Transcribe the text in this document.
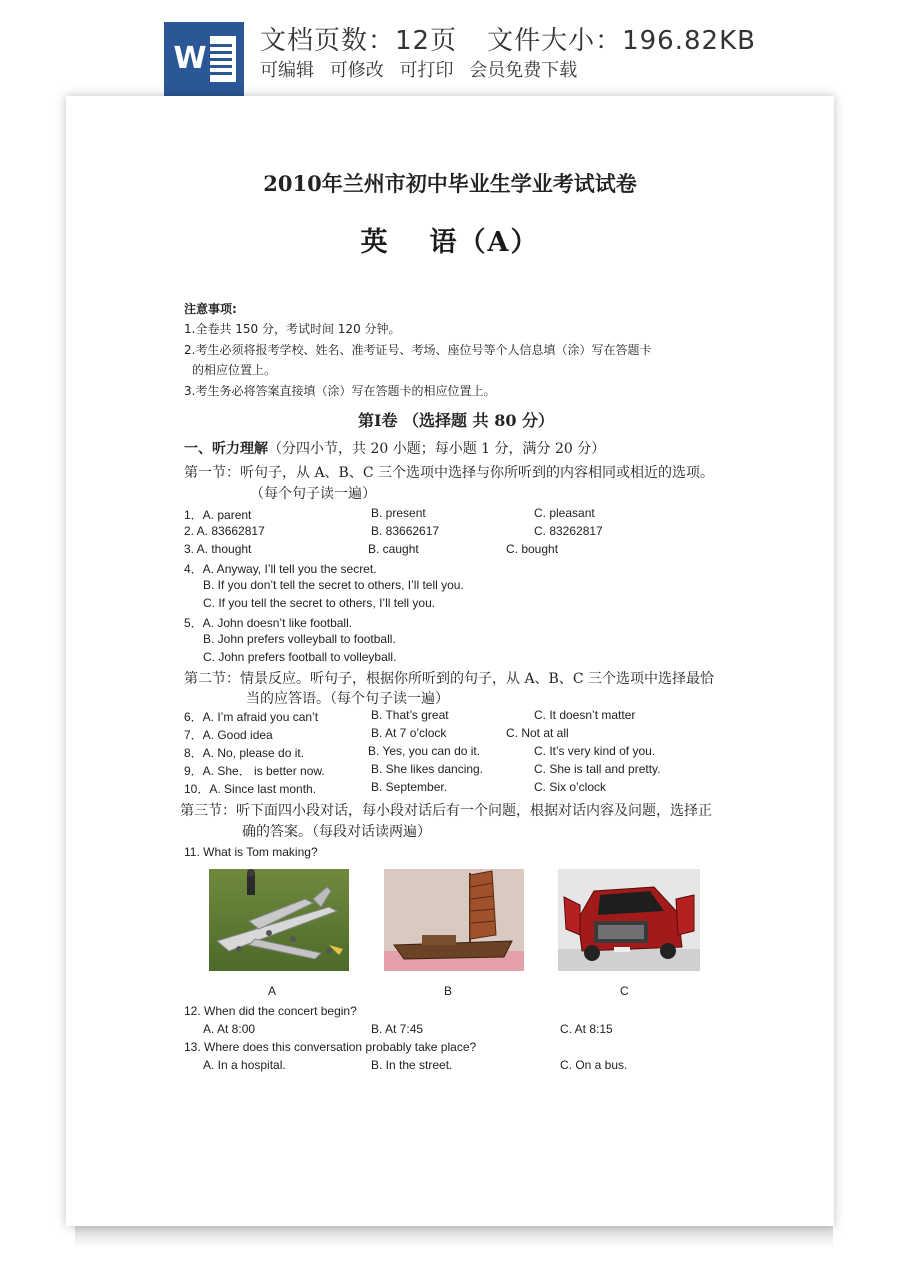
W 文档页数：12页 文件大小：196.82KB
可编辑 可修改 可打印 会员免费下载
2010年兰州市初中毕业生学业考试试卷
英 语（A）
注意事项:
1.全卷共 150 分，考试时间 120 分钟。
2.考生必须将报考学校、姓名、准考证号、考场、座位号等个人信息填（涂）写在答题卡
的相应位置上。
3.考生务必将答案直接填（涂）写在答题卡的相应位置上。
第Ⅰ卷 （选择题 共 80 分）
一、听力理解（分四小节，共 20 小题；每小题 1 分，满分 20 分）
第一节：听句子，从 A、B、C 三个选项中选择与你所听到的内容相同或相近的选项。
（每个句子读一遍）
1．A. parent	B. present	C. pleasant
2. A. 83662817	B. 83662617	C. 83262817
3. A. thought	B. caught	C. bought
4．A. Anyway, I’ll tell you the secret.
B. If you don’t tell the secret to others, I’ll tell you.
C. If you tell the secret to others, I’ll tell you.
5．A. John doesn’t like football.
B. John prefers volleyball to football.
C. John prefers football to volleyball.
第二节：情景反应。听句子，根据你所听到的句子，从 A、B、C 三个选项中选择最恰
当的应答语。（每个句子读一遍）
6．A. I’m afraid you can’t	B. That’s great	C. It doesn’t matter
7．A. Good idea	B. At 7 o’clock	C. Not at all
8．A. No, please do it.	B. Yes, you can do it.	C. It’s very kind of you.
9．A. She． is better now.	B. She likes dancing.	C. She is tall and pretty.
10．A. Since last month.	B. September.	C. Six o’clock
第三节：听下面四小段对话，每小段对话后有一个问题，根据对话内容及问题，选择正
确的答案。（每段对话读两遍）
11. What is Tom making?
A	B	C
12. When did the concert begin?
A. At 8:00	B. At 7:45	C. At 8:15
13. Where does this conversation probably take place?
A. In a hospital.	B. In the street.	C. On a bus.
